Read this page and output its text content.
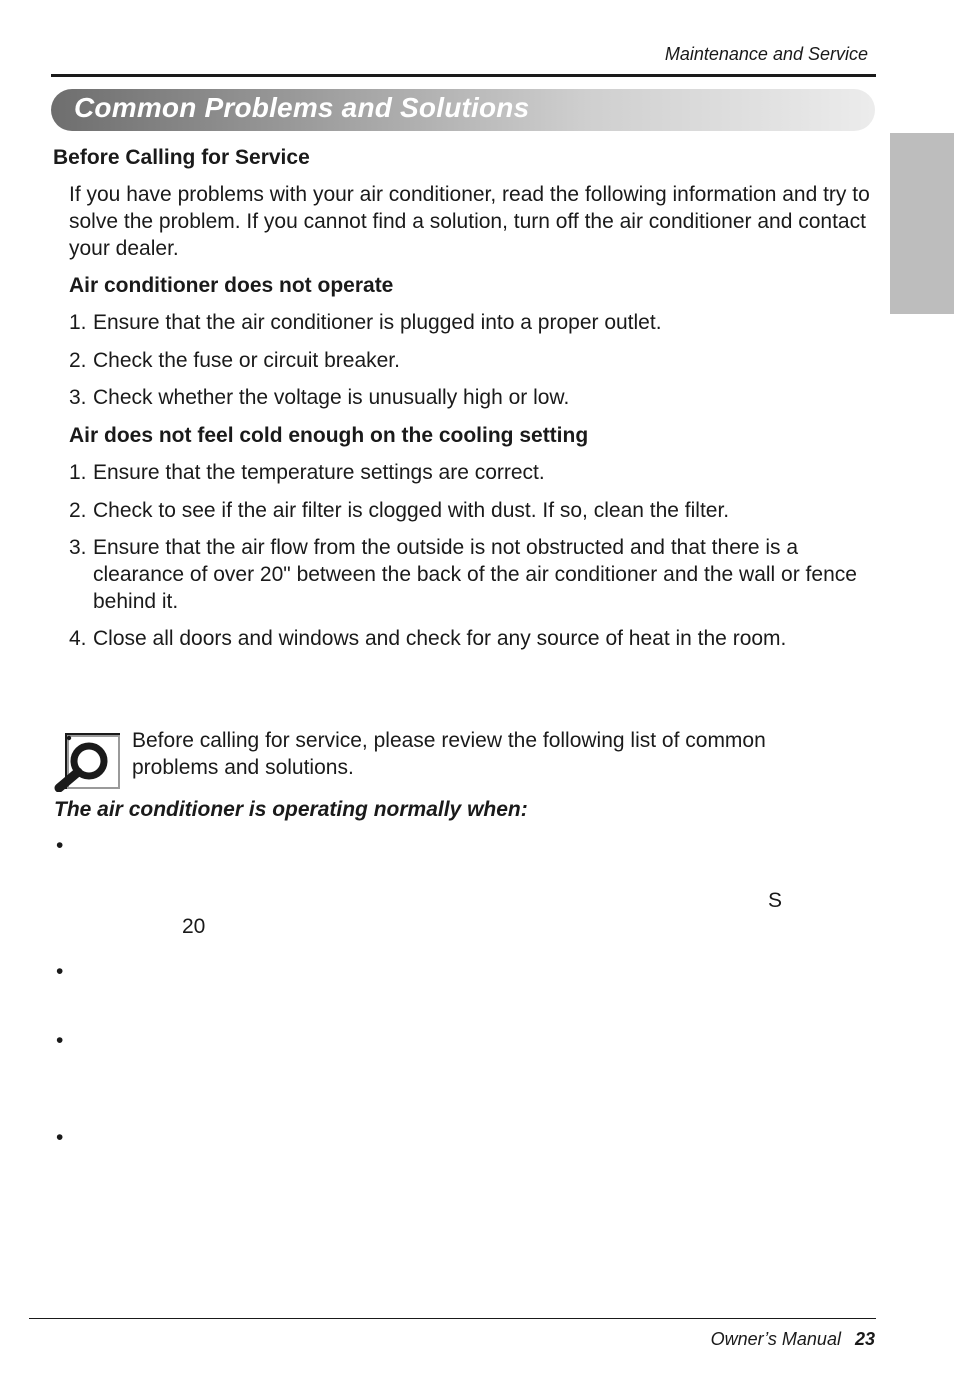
Maintenance and Service
Common Problems and Solutions
Before Calling for Service
If you have problems with your air conditioner, read the following information and try to solve the problem. If you cannot find a solution, turn off the air conditioner and contact your dealer.
Air conditioner does not operate
1. Ensure that the air conditioner is plugged into a proper outlet.
2. Check the fuse or circuit breaker.
3. Check whether the voltage is unusually high or low.
Air does not feel cold enough on the cooling setting
1. Ensure that the temperature settings are correct.
2. Check to see if the air filter is clogged with dust. If so, clean the filter.
3. Ensure that the air flow from the outside is not obstructed and that there is a clearance of over 20" between the back of the air conditioner and the wall or fence behind it.
4. Close all doors and windows and check for any source of heat in the room.
Before calling for service, please review the following list of common problems and solutions.
The air conditioner is operating normally when:
•
S
20
•
•
•
Owner’s Manual 23
